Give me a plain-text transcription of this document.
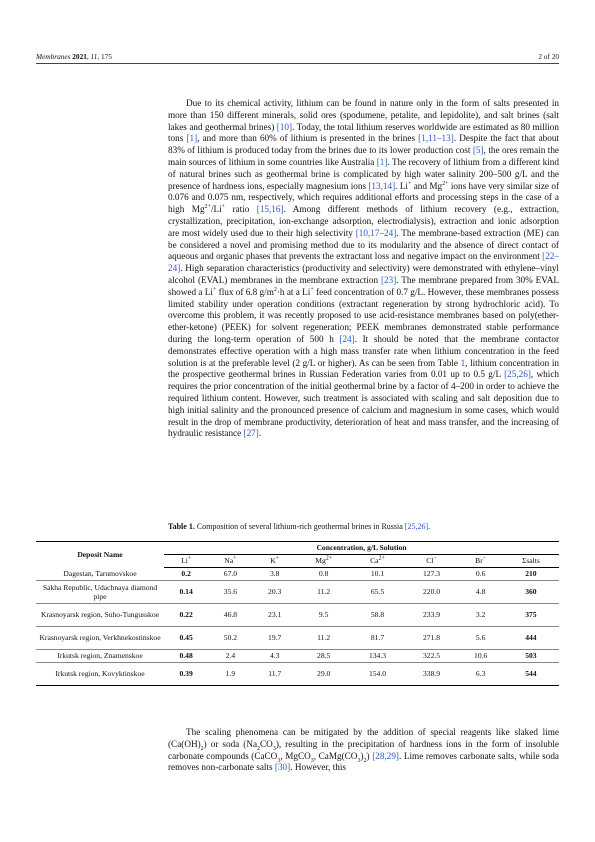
Membranes 2021, 11, 175	2 of 20
Due to its chemical activity, lithium can be found in nature only in the form of salts presented in more than 150 different minerals, solid ores (spodumene, petalite, and lepidolite), and salt brines (salt lakes and geothermal brines) [10]. Today, the total lithium reserves worldwide are estimated as 80 million tons [1], and more than 60% of lithium is presented in the brines [1,11–13]. Despite the fact that about 83% of lithium is produced today from the brines due to its lower production cost [5], the ores remain the main sources of lithium in some countries like Australia [1]. The recovery of lithium from a different kind of natural brines such as geothermal brine is complicated by high water salinity 200–500 g/L and the presence of hardness ions, especially magnesium ions [13,14]. Li+ and $Mg^{2+}$ ions have very similar size of 0.076 and 0.075 nm, respectively, which requires additional efforts and processing steps in the case of a high $Mg^{2+}/Li^+$ ratio [15,16]. Among different methods of lithium recovery (e.g., extraction, crystallization, precipitation, ion-exchange adsorption, electrodialysis), extraction and ionic adsorption are most widely used due to their high selectivity [10,17–24]. The membrane-based extraction (ME) can be considered a novel and promising method due to its modularity and the absence of direct contact of aqueous and organic phases that prevents the extractant loss and negative impact on the environment [22–24]. High separation characteristics (productivity and selectivity) were demonstrated with ethylene–vinyl alcohol (EVAL) membranes in the membrane extraction [23]. The membrane prepared from 30% EVAL showed a Li+ flux of 6.8 $g/m^2\cdot h$ at a Li+ feed concentration of 0.7 g/L. However, these membranes possess limited stability under operation conditions (extractant regeneration by strong hydrochloric acid). To overcome this problem, it was recently proposed to use acid-resistance membranes based on poly(ether-ether-ketone) (PEEK) for solvent regeneration; PEEK membranes demonstrated stable performance during the long-term operation of 500 h [24]. It should be noted that the membrane contactor demonstrates effective operation with a high mass transfer rate when lithium concentration in the feed solution is at the preferable level (2 g/L or higher). As can be seen from Table 1, lithium concentration in the prospective geothermal brines in Russian Federation varies from 0.01 up to 0.5 g/L [25,26], which requires the prior concentration of the initial geothermal brine by a factor of 4–200 in order to achieve the required lithium content. However, such treatment is associated with scaling and salt deposition due to high initial salinity and the pronounced presence of calcium and magnesium in some cases, which would result in the drop of membrane productivity, deterioration of heat and mass transfer, and the increasing of hydraulic resistance [27].
Table 1. Composition of several lithium-rich geothermal brines in Russia [25,26].
Deposit Name	Concentration, g/L Solution							
	Li+	Na+	K+	$Mg^{2+}$	$Ca^{2+}$	Cl−	Br−	Σsalts
Dagestan, Tarumovskoe	0.2	67.0	3.8	0.8	10.1	127.3	0.6	210
Sakha Republic, Udachnaya diamond pipe	0.14	35.6	20.3	11.2	65.5	220.0	4.8	360
Krasnoyarsk region, Suho-Tungusskoe	0.22	46.8	23.1	9.5	58.8	233.9	3.2	375
Krasnoyarsk region, Verkhnekostinskoe	0.45	50.2	19.7	11.2	81.7	271.8	5.6	444
Irkutsk region, Znamenskoe	0.48	2.4	4.3	28.5	134.3	322.5	10.6	503
Irkutsk region, Kovyktinskoe	0.39	1.9	11.7	29.0	154.0	338.9	6.3	544
The scaling phenomena can be mitigated by the addition of special reagents like slaked lime $(Ca(OH)_2)$ or soda $(Na_2CO_3)$, resulting in the precipitation of hardness ions in the form of insoluble carbonate compounds (CaCO$_3$, MgCO$_3$, $CaMg(CO_3)_2$) [28,29]. Lime removes carbonate salts, while soda removes non-carbonate salts [30]. However, this
